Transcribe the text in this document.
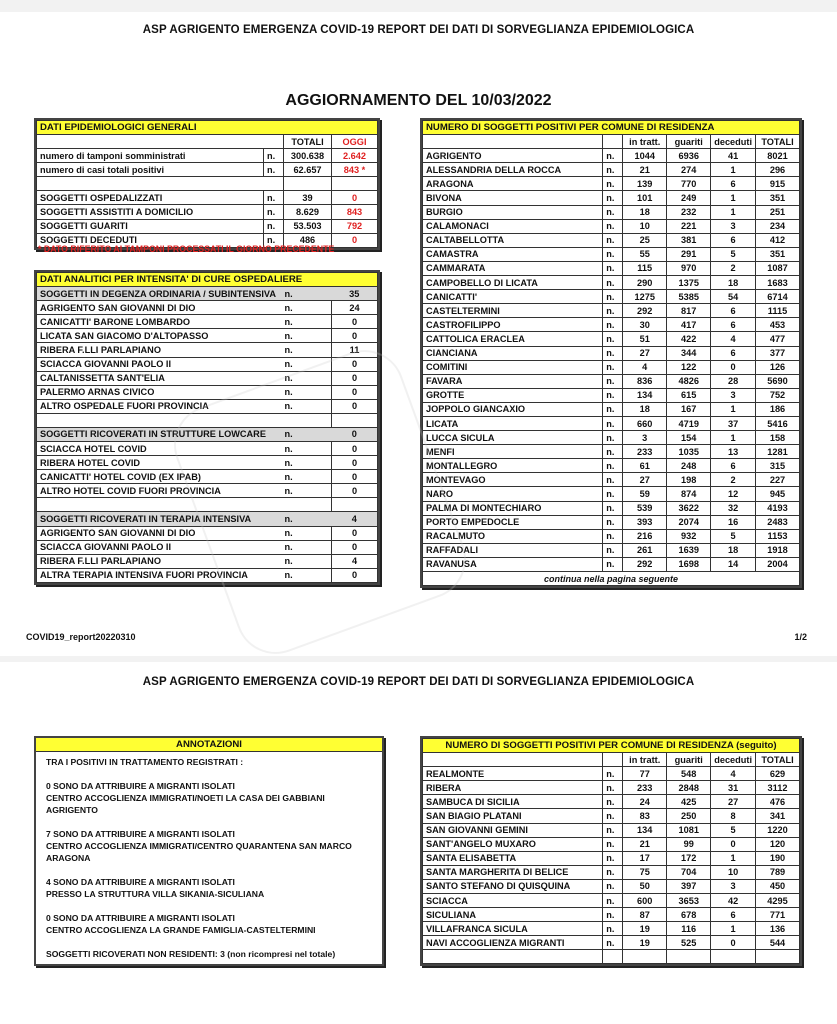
ASP AGRIGENTO EMERGENZA COVID-19 REPORT DEI DATI DI SORVEGLIANZA EPIDEMIOLOGICA
AGGIORNAMENTO DEL 10/03/2022
DATI EPIDEMIOLOGICI GENERALI			
		TOTALI	OGGI
numero di tamponi somministrati	n.	300.638	2.642
numero di casi totali positivi	n.	62.657	843 *

SOGGETTI OSPEDALIZZATI	n.	39	0
SOGGETTI ASSISTITI A DOMICILIO	n.	8.629	843
SOGGETTI GUARITI	n.	53.503	792
SOGGETTI DECEDUTI	n.	486	0
* DATO RIFERITO AI TAMPONI PROCESSATI IL GIORNO PRECEDENTE
DATI ANALITICI PER INTENSITA' DI CURE OSPEDALIERE		
SOGGETTI IN DEGENZA ORDINARIA / SUBINTENSIVA	n.	35
AGRIGENTO SAN GIOVANNI DI DIO	n.	24
CANICATTI' BARONE LOMBARDO	n.	0
LICATA SAN GIACOMO D'ALTOPASSO	n.	0
RIBERA F.LLI PARLAPIANO	n.	11
SCIACCA GIOVANNI PAOLO II	n.	0
CALTANISSETTA SANT'ELIA	n.	0
PALERMO ARNAS CIVICO	n.	0
ALTRO OSPEDALE FUORI PROVINCIA	n.	0

SOGGETTI RICOVERATI IN STRUTTURE LOWCARE	n.	0
SCIACCA HOTEL COVID	n.	0
RIBERA HOTEL COVID	n.	0
CANICATTI' HOTEL COVID (EX IPAB)	n.	0
ALTRO HOTEL COVID FUORI PROVINCIA	n.	0

SOGGETTI RICOVERATI IN TERAPIA INTENSIVA	n.	4
AGRIGENTO SAN GIOVANNI DI DIO	n.	0
SCIACCA GIOVANNI PAOLO II	n.	0
RIBERA F.LLI PARLAPIANO	n.	4
ALTRA TERAPIA INTENSIVA FUORI PROVINCIA	n.	0
NUMERO DI SOGGETTI POSITIVI PER COMUNE DI RESIDENZA					
		in tratt.	guariti	deceduti	TOTALI
AGRIGENTO	n.	1044	6936	41	8021
ALESSANDRIA DELLA ROCCA	n.	21	274	1	296
ARAGONA	n.	139	770	6	915
BIVONA	n.	101	249	1	351
BURGIO	n.	18	232	1	251
CALAMONACI	n.	10	221	3	234
CALTABELLOTTA	n.	25	381	6	412
CAMASTRA	n.	55	291	5	351
CAMMARATA	n.	115	970	2	1087
CAMPOBELLO DI LICATA	n.	290	1375	18	1683
CANICATTI'	n.	1275	5385	54	6714
CASTELTERMINI	n.	292	817	6	1115
CASTROFILIPPO	n.	30	417	6	453
CATTOLICA ERACLEA	n.	51	422	4	477
CIANCIANA	n.	27	344	6	377
COMITINI	n.	4	122	0	126
FAVARA	n.	836	4826	28	5690
GROTTE	n.	134	615	3	752
JOPPOLO GIANCAXIO	n.	18	167	1	186
LICATA	n.	660	4719	37	5416
LUCCA SICULA	n.	3	154	1	158
MENFI	n.	233	1035	13	1281
MONTALLEGRO	n.	61	248	6	315
MONTEVAGO	n.	27	198	2	227
NARO	n.	59	874	12	945
PALMA DI MONTECHIARO	n.	539	3622	32	4193
PORTO EMPEDOCLE	n.	393	2074	16	2483
RACALMUTO	n.	216	932	5	1153
RAFFADALI	n.	261	1639	18	1918
RAVANUSA	n.	292	1698	14	2004
continua nella pagina seguente					
COVID19_report20220310	1/2
ASP AGRIGENTO EMERGENZA COVID-19 REPORT DEI DATI DI SORVEGLIANZA EPIDEMIOLOGICA
ANNOTAZIONI

TRA I POSITIVI IN TRATTAMENTO REGISTRATI :

0 SONO DA ATTRIBUIRE A MIGRANTI ISOLATI
CENTRO ACCOGLIENZA IMMIGRATI/NOETI LA CASA DEI GABBIANI AGRIGENTO

7 SONO DA ATTRIBUIRE A MIGRANTI ISOLATI
CENTRO ACCOGLIENZA IMMIGRATI/CENTRO QUARANTENA SAN MARCO ARAGONA

4 SONO DA ATTRIBUIRE A MIGRANTI ISOLATI
PRESSO LA STRUTTURA VILLA SIKANIA-SICULIANA

0 SONO DA ATTRIBUIRE A MIGRANTI ISOLATI
CENTRO ACCOGLIENZA LA GRANDE FAMIGLIA-CASTELTERMINI

SOGGETTI RICOVERATI NON RESIDENTI: 3 (non ricompresi nel totale)

NUMERO DI SOGGETTI POSITIVI PER COMUNE DI RESIDENZA (seguito)					
		in tratt.	guariti	deceduti	TOTALI
REALMONTE	n.	77	548	4	629
RIBERA	n.	233	2848	31	3112
SAMBUCA DI SICILIA	n.	24	425	27	476
SAN BIAGIO PLATANI	n.	83	250	8	341
SAN GIOVANNI GEMINI	n.	134	1081	5	1220
SANT'ANGELO MUXARO	n.	21	99	0	120
SANTA ELISABETTA	n.	17	172	1	190
SANTA MARGHERITA DI BELICE	n.	75	704	10	789
SANTO STEFANO DI QUISQUINA	n.	50	397	3	450
SCIACCA	n.	600	3653	42	4295
SICULIANA	n.	87	678	6	771
VILLAFRANCA SICULA	n.	19	116	1	136
NAVI ACCOGLIENZA MIGRANTI	n.	19	525	0	544
